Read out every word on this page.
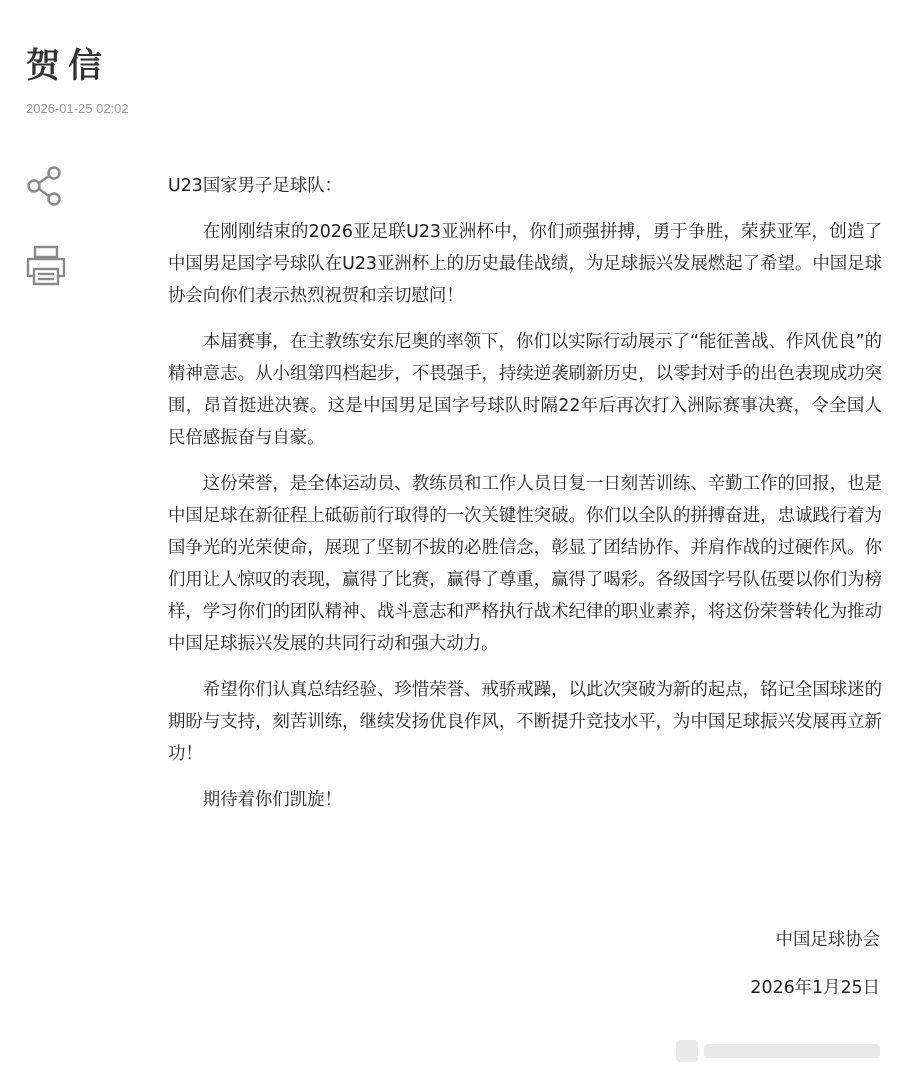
贺信
2026-01-25 02:02

U23国家男子足球队：

在刚刚结束的2026亚足联U23亚洲杯中，你们顽强拼搏，勇于争胜，荣获亚军，创造了中国男足国字号球队在U23亚洲杯上的历史最佳战绩，为足球振兴发展燃起了希望。中国足球协会向你们表示热烈祝贺和亲切慰问！

本届赛事，在主教练安东尼奥的率领下，你们以实际行动展示了“能征善战、作风优良”的精神意志。从小组第四档起步，不畏强手，持续逆袭刷新历史，以零封对手的出色表现成功突围，昂首挺进决赛。这是中国男足国字号球队时隔22年后再次打入洲际赛事决赛，令全国人民倍感振奋与自豪。

这份荣誉，是全体运动员、教练员和工作人员日复一日刻苦训练、辛勤工作的回报，也是中国足球在新征程上砥砺前行取得的一次关键性突破。你们以全队的拼搏奋进，忠诚践行着为国争光的光荣使命，展现了坚韧不拔的必胜信念，彰显了团结协作、并肩作战的过硬作风。你们用让人惊叹的表现，赢得了比赛，赢得了尊重，赢得了喝彩。各级国字号队伍要以你们为榜样，学习你们的团队精神、战斗意志和严格执行战术纪律的职业素养，将这份荣誉转化为推动中国足球振兴发展的共同行动和强大动力。

希望你们认真总结经验、珍惜荣誉、戒骄戒躁，以此次突破为新的起点，铭记全国球迷的期盼与支持，刻苦训练，继续发扬优良作风，不断提升竞技水平，为中国足球振兴发展再立新功！

期待着你们凯旋！

中国足球协会
2026年1月25日
